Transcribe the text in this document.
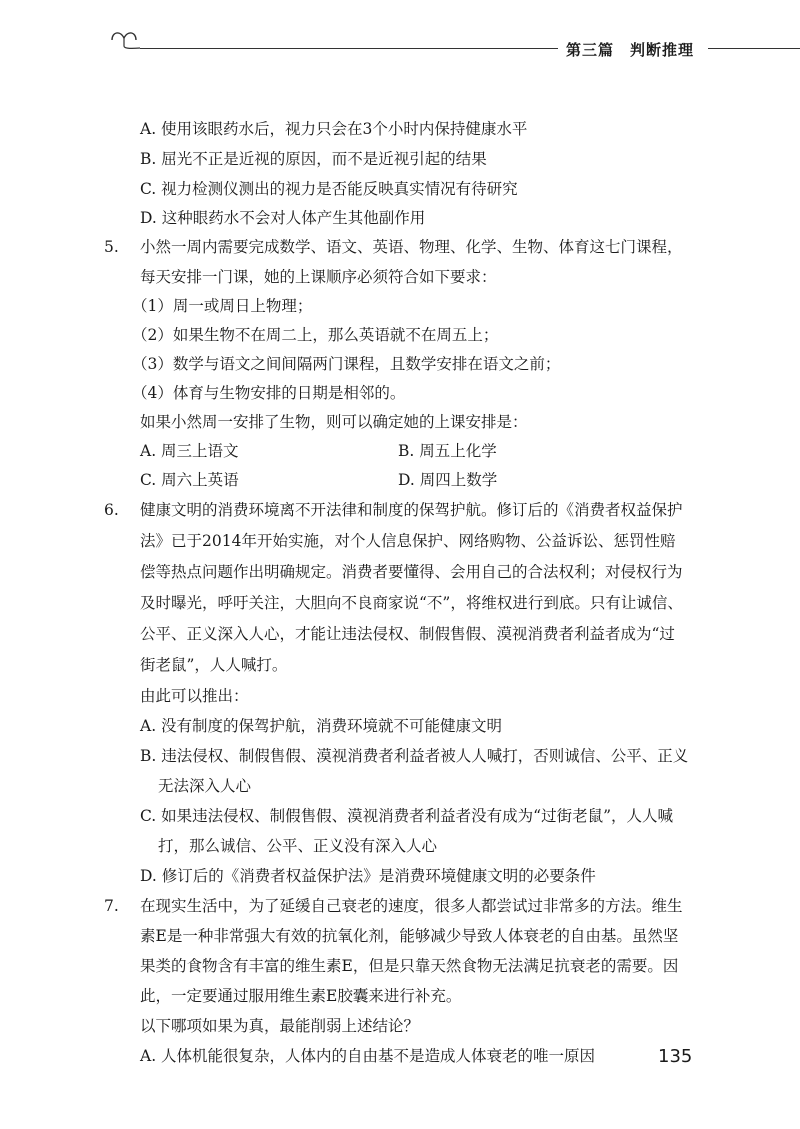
第三篇　判断推理
A. 使用该眼药水后，视力只会在3个小时内保持健康水平
B. 屈光不正是近视的原因，而不是近视引起的结果
C. 视力检测仪测出的视力是否能反映真实情况有待研究
D. 这种眼药水不会对人体产生其他副作用
5. 小然一周内需要完成数学、语文、英语、物理、化学、生物、体育这七门课程，
每天安排一门课，她的上课顺序必须符合如下要求：
（1）周一或周日上物理；
（2）如果生物不在周二上，那么英语就不在周五上；
（3）数学与语文之间间隔两门课程，且数学安排在语文之前；
（4）体育与生物安排的日期是相邻的。
如果小然周一安排了生物，则可以确定她的上课安排是：
A. 周三上语文	B. 周五上化学
C. 周六上英语	D. 周四上数学
6. 健康文明的消费环境离不开法律和制度的保驾护航。修订后的《消费者权益保护
法》已于2014年开始实施，对个人信息保护、网络购物、公益诉讼、惩罚性赔
偿等热点问题作出明确规定。消费者要懂得、会用自己的合法权利；对侵权行为
及时曝光，呼吁关注，大胆向不良商家说“不”，将维权进行到底。只有让诚信、
公平、正义深入人心，才能让违法侵权、制假售假、漠视消费者利益者成为“过
街老鼠”，人人喊打。
由此可以推出：
A. 没有制度的保驾护航，消费环境就不可能健康文明
B. 违法侵权、制假售假、漠视消费者利益者被人人喊打，否则诚信、公平、正义
无法深入人心
C. 如果违法侵权、制假售假、漠视消费者利益者没有成为“过街老鼠”，人人喊
打，那么诚信、公平、正义没有深入人心
D. 修订后的《消费者权益保护法》是消费环境健康文明的必要条件
7. 在现实生活中，为了延缓自己衰老的速度，很多人都尝试过非常多的方法。维生
素E是一种非常强大有效的抗氧化剂，能够减少导致人体衰老的自由基。虽然坚
果类的食物含有丰富的维生素E，但是只靠天然食物无法满足抗衰老的需要。因
此，一定要通过服用维生素E胶囊来进行补充。
以下哪项如果为真，最能削弱上述结论？
A. 人体机能很复杂，人体内的自由基不是造成人体衰老的唯一原因	135
